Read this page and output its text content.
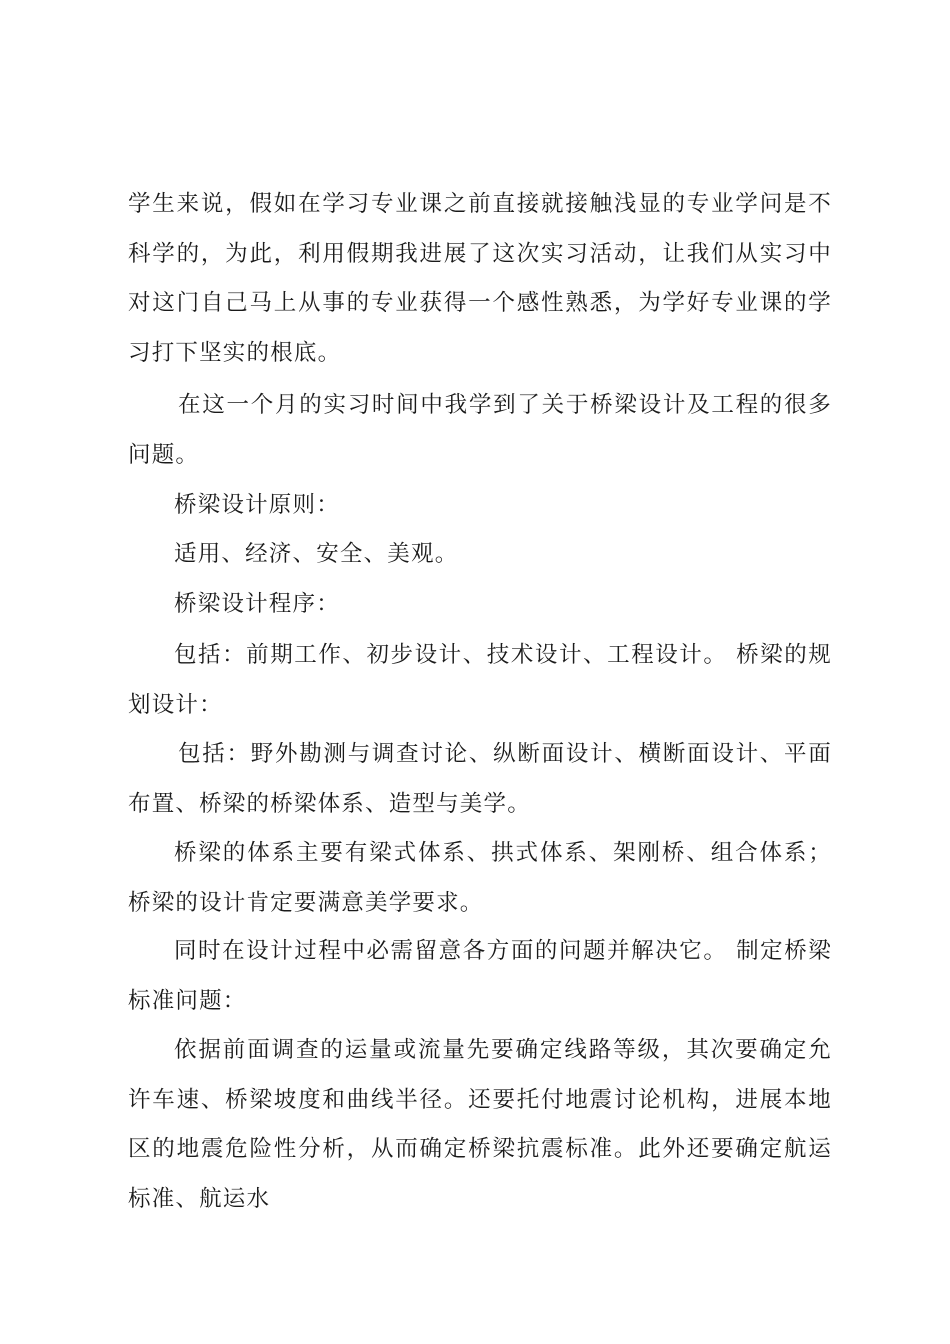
学生来说，假如在学习专业课之前直接就接触浅显的专业学问是不科学的，为此，利用假期我进展了这次实习活动，让我们从实习中对这门自己马上从事的专业获得一个感性熟悉，为学好专业课的学习打下坚实的根底。

在这一个月的实习时间中我学到了关于桥梁设计及工程的很多问题。

桥梁设计原则：

适用、经济、安全、美观。

桥梁设计程序：

包括：前期工作、初步设计、技术设计、工程设计。 桥梁的规划设计：

包括：野外勘测与调查讨论、纵断面设计、横断面设计、平面布置、桥梁的桥梁体系、造型与美学。

桥梁的体系主要有梁式体系、拱式体系、架刚桥、组合体系；桥梁的设计肯定要满意美学要求。

同时在设计过程中必需留意各方面的问题并解决它。 制定桥梁标准问题：

依据前面调查的运量或流量先要确定线路等级，其次要确定允许车速、桥梁坡度和曲线半径。还要托付地震讨论机构，进展本地区的地震危险性分析，从而确定桥梁抗震标准。此外还要确定航运标准、航运水
